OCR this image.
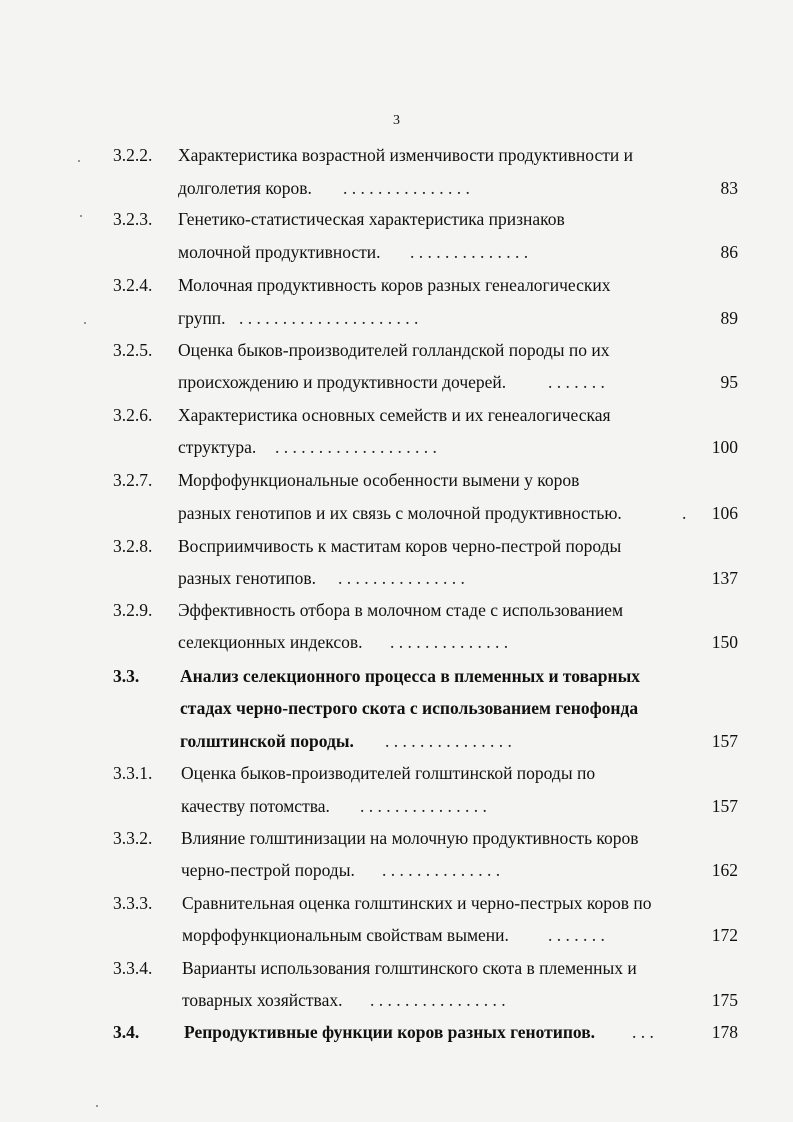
3
3.2.2. Характеристика возрастной изменчивости продуктивности и
долголетия коров. . . . . . . . . . . . . . . .	83
3.2.3. Генетико-статистическая характеристика признаков
молочной продуктивности. . . . . . . . . . . . . . .	86
3.2.4. Молочная продуктивность коров разных генеалогических
групп. . . . . . . . . . . . . . . . . . . . . .	89
3.2.5. Оценка быков-производителей голландской породы по их
происхождению и продуктивности дочерей. . . . . . . .	95
3.2.6. Характеристика основных семейств и их генеалогическая
структура. . . . . . . . . . . . . . . . . . . .	100
3.2.7. Морфофункциональные особенности вымени у коров
разных генотипов и их связь с молочной продуктивностью.	.	106
3.2.8. Восприимчивость к маститам коров черно-пестрой породы
разных генотипов. . . . . . . . . . . . . . . .	137
3.2.9. Эффективность отбора в молочном стаде с использованием
селекционных индексов. . . . . . . . . . . . . . .	150
3.3. Анализ селекционного процесса в племенных и товарных
стадах черно-пестрого скота с использованием генофонда
голштинской породы. . . . . . . . . . . . . . . .	157
3.3.1. Оценка быков-производителей голштинской породы по
качеству потомства. . . . . . . . . . . . . . . .	157
3.3.2. Влияние голштинизации на молочную продуктивность коров
черно-пестрой породы. . . . . . . . . . . . . . .	162
3.3.3. Сравнительная оценка голштинских и черно-пестрых коров по
морфофункциональным свойствам вымени. . . . . . . .	172
3.3.4. Варианты использования голштинского скота в племенных и
товарных хозяйствах. . . . . . . . . . . . . . . . .	175
3.4.	Репродуктивные функции коров разных генотипов. . . .	178
